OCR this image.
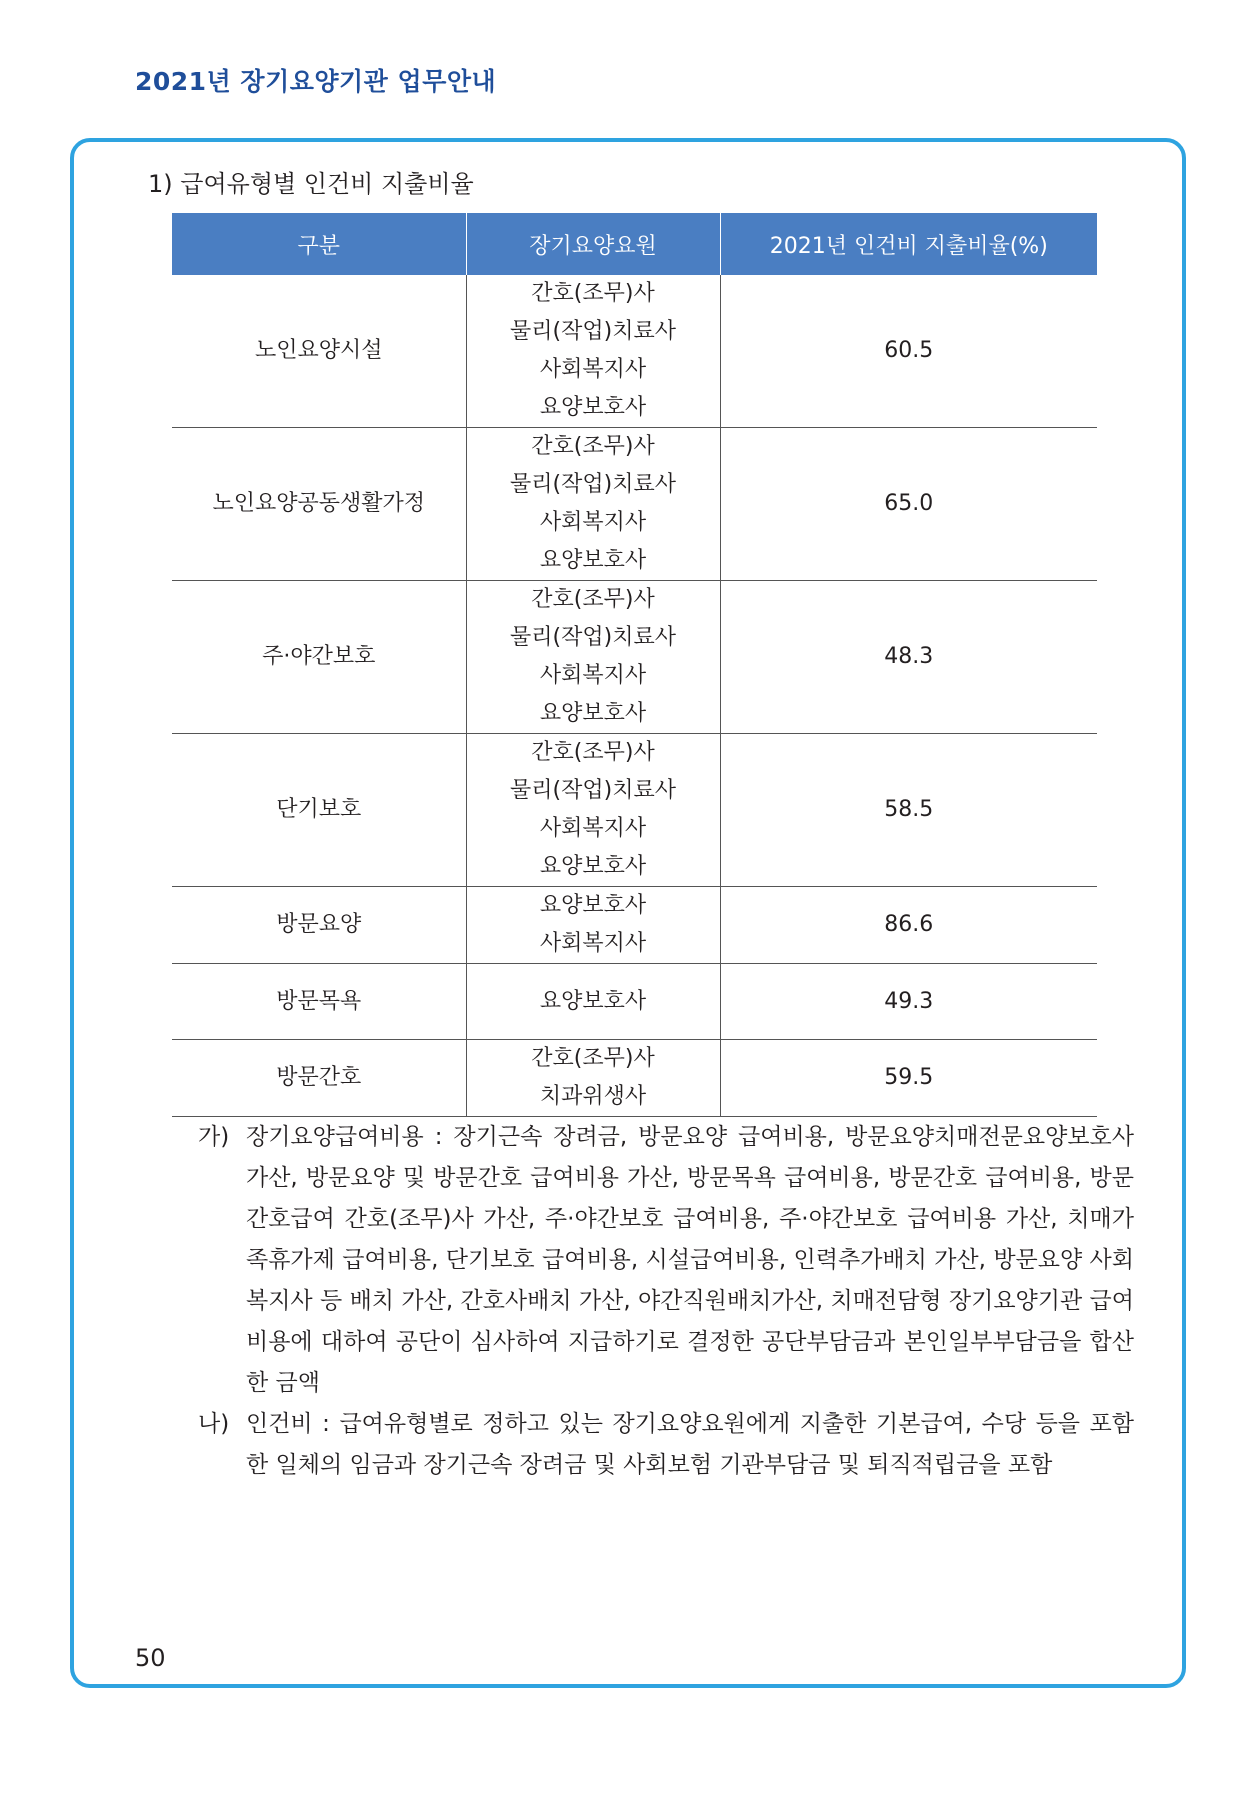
2021년 장기요양기관 업무안내
1) 급여유형별 인건비 지출비율
구분	장기요양요원	2021년 인건비 지출비율(%)
노인요양시설	간호(조무)사
물리(작업)치료사
사회복지사
요양보호사	60.5
노인요양공동생활가정	간호(조무)사
물리(작업)치료사
사회복지사
요양보호사	65.0
주·야간보호	간호(조무)사
물리(작업)치료사
사회복지사
요양보호사	48.3
단기보호	간호(조무)사
물리(작업)치료사
사회복지사
요양보호사	58.5
방문요양	요양보호사
사회복지사	86.6
방문목욕	요양보호사	49.3
방문간호	간호(조무)사
치과위생사	59.5
가) 장기요양급여비용 : 장기근속 장려금, 방문요양 급여비용, 방문요양치매전문요양보호사 가산, 방문요양 및 방문간호 급여비용 가산, 방문목욕 급여비용, 방문간호 급여비용, 방문간호급여 간호(조무)사 가산, 주·야간보호 급여비용, 주·야간보호 급여비용 가산, 치매가족휴가제 급여비용, 단기보호 급여비용, 시설급여비용, 인력추가배치 가산, 방문요양 사회복지사 등 배치 가산, 간호사배치 가산, 야간직원배치가산, 치매전담형 장기요양기관 급여비용에 대하여 공단이 심사하여 지급하기로 결정한 공단부담금과 본인일부부담금을 합산한 금액
나) 인건비 : 급여유형별로 정하고 있는 장기요양요원에게 지출한 기본급여, 수당 등을 포함한 일체의 임금과 장기근속 장려금 및 사회보험 기관부담금 및 퇴직적립금을 포함
50
